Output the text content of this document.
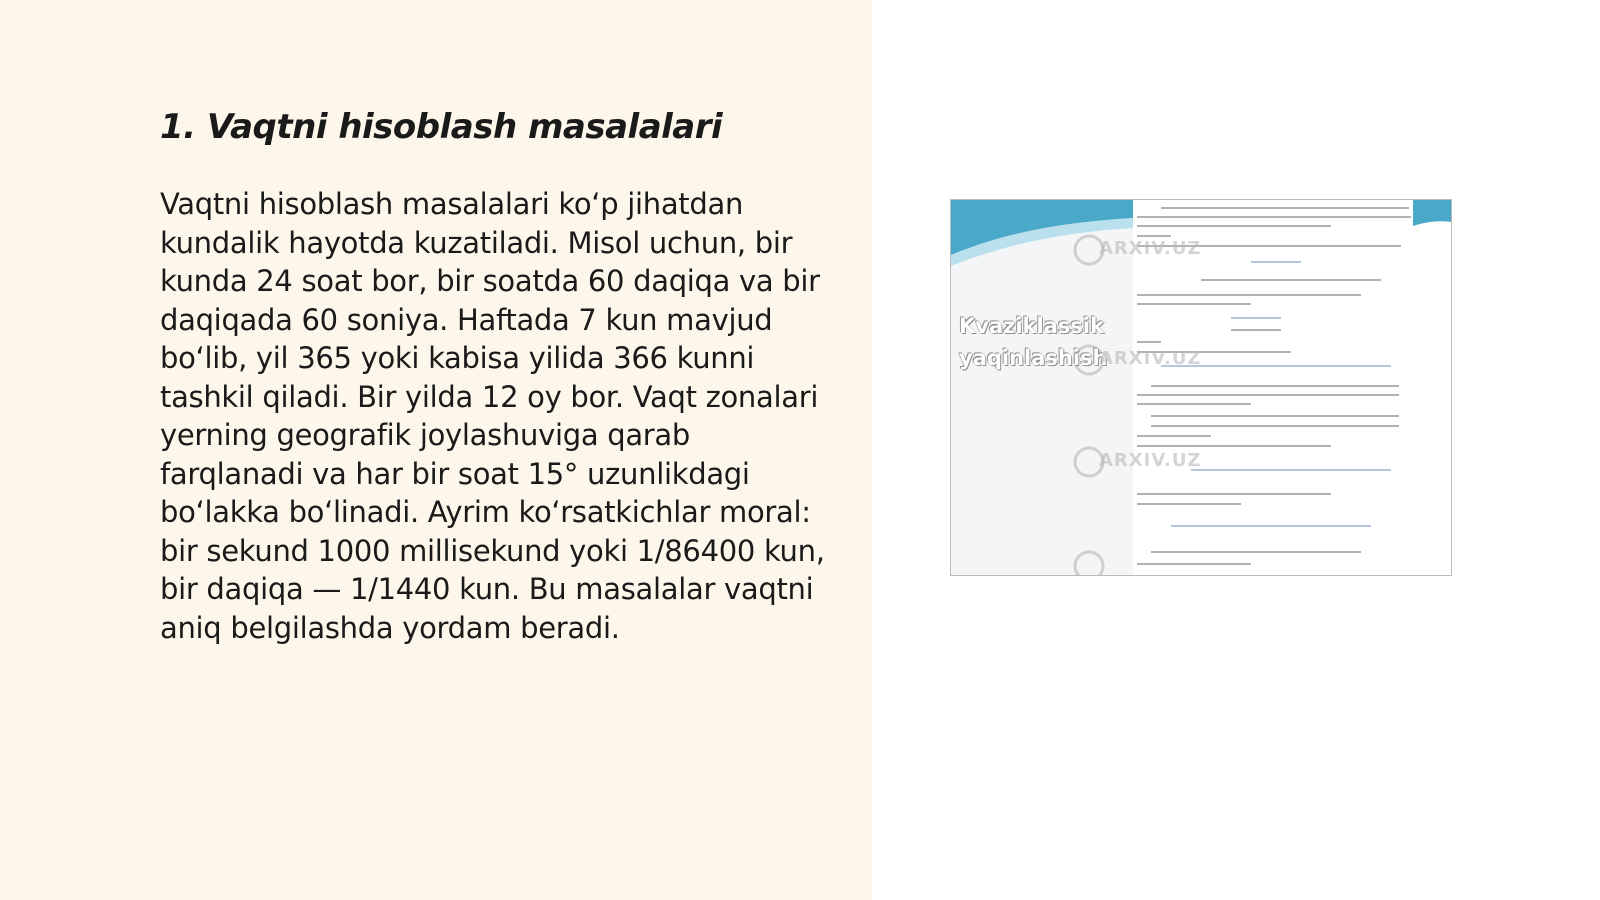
1. Vaqtni hisoblash masalalari

Vaqtni hisoblash masalalari ko‘p jihatdan kundalik hayotda kuzatiladi. Misol uchun, bir kunda 24 soat bor, bir soatda 60 daqiqa va bir daqiqada 60 soniya. Haftada 7 kun mavjud bo‘lib, yil 365 yoki kabisa yilida 366 kunni tashkil qiladi. Bir yilda 12 oy bor. Vaqt zonalari yerning geografik joylashuviga qarab farqlanadi va har bir soat 15° uzunlikdagi bo‘lakka bo‘linadi. Ayrim ko‘rsatkichlar moral: bir sekund 1000 millisekund yoki 1/86400 kun, bir daqiqa — 1/1440 kun. Bu masalalar vaqtni aniq belgilashda yordam beradi.

Kvaziklassik yaqinlashish
ARXIV.UZ
ARXIV.UZ
ARXIV.UZ
